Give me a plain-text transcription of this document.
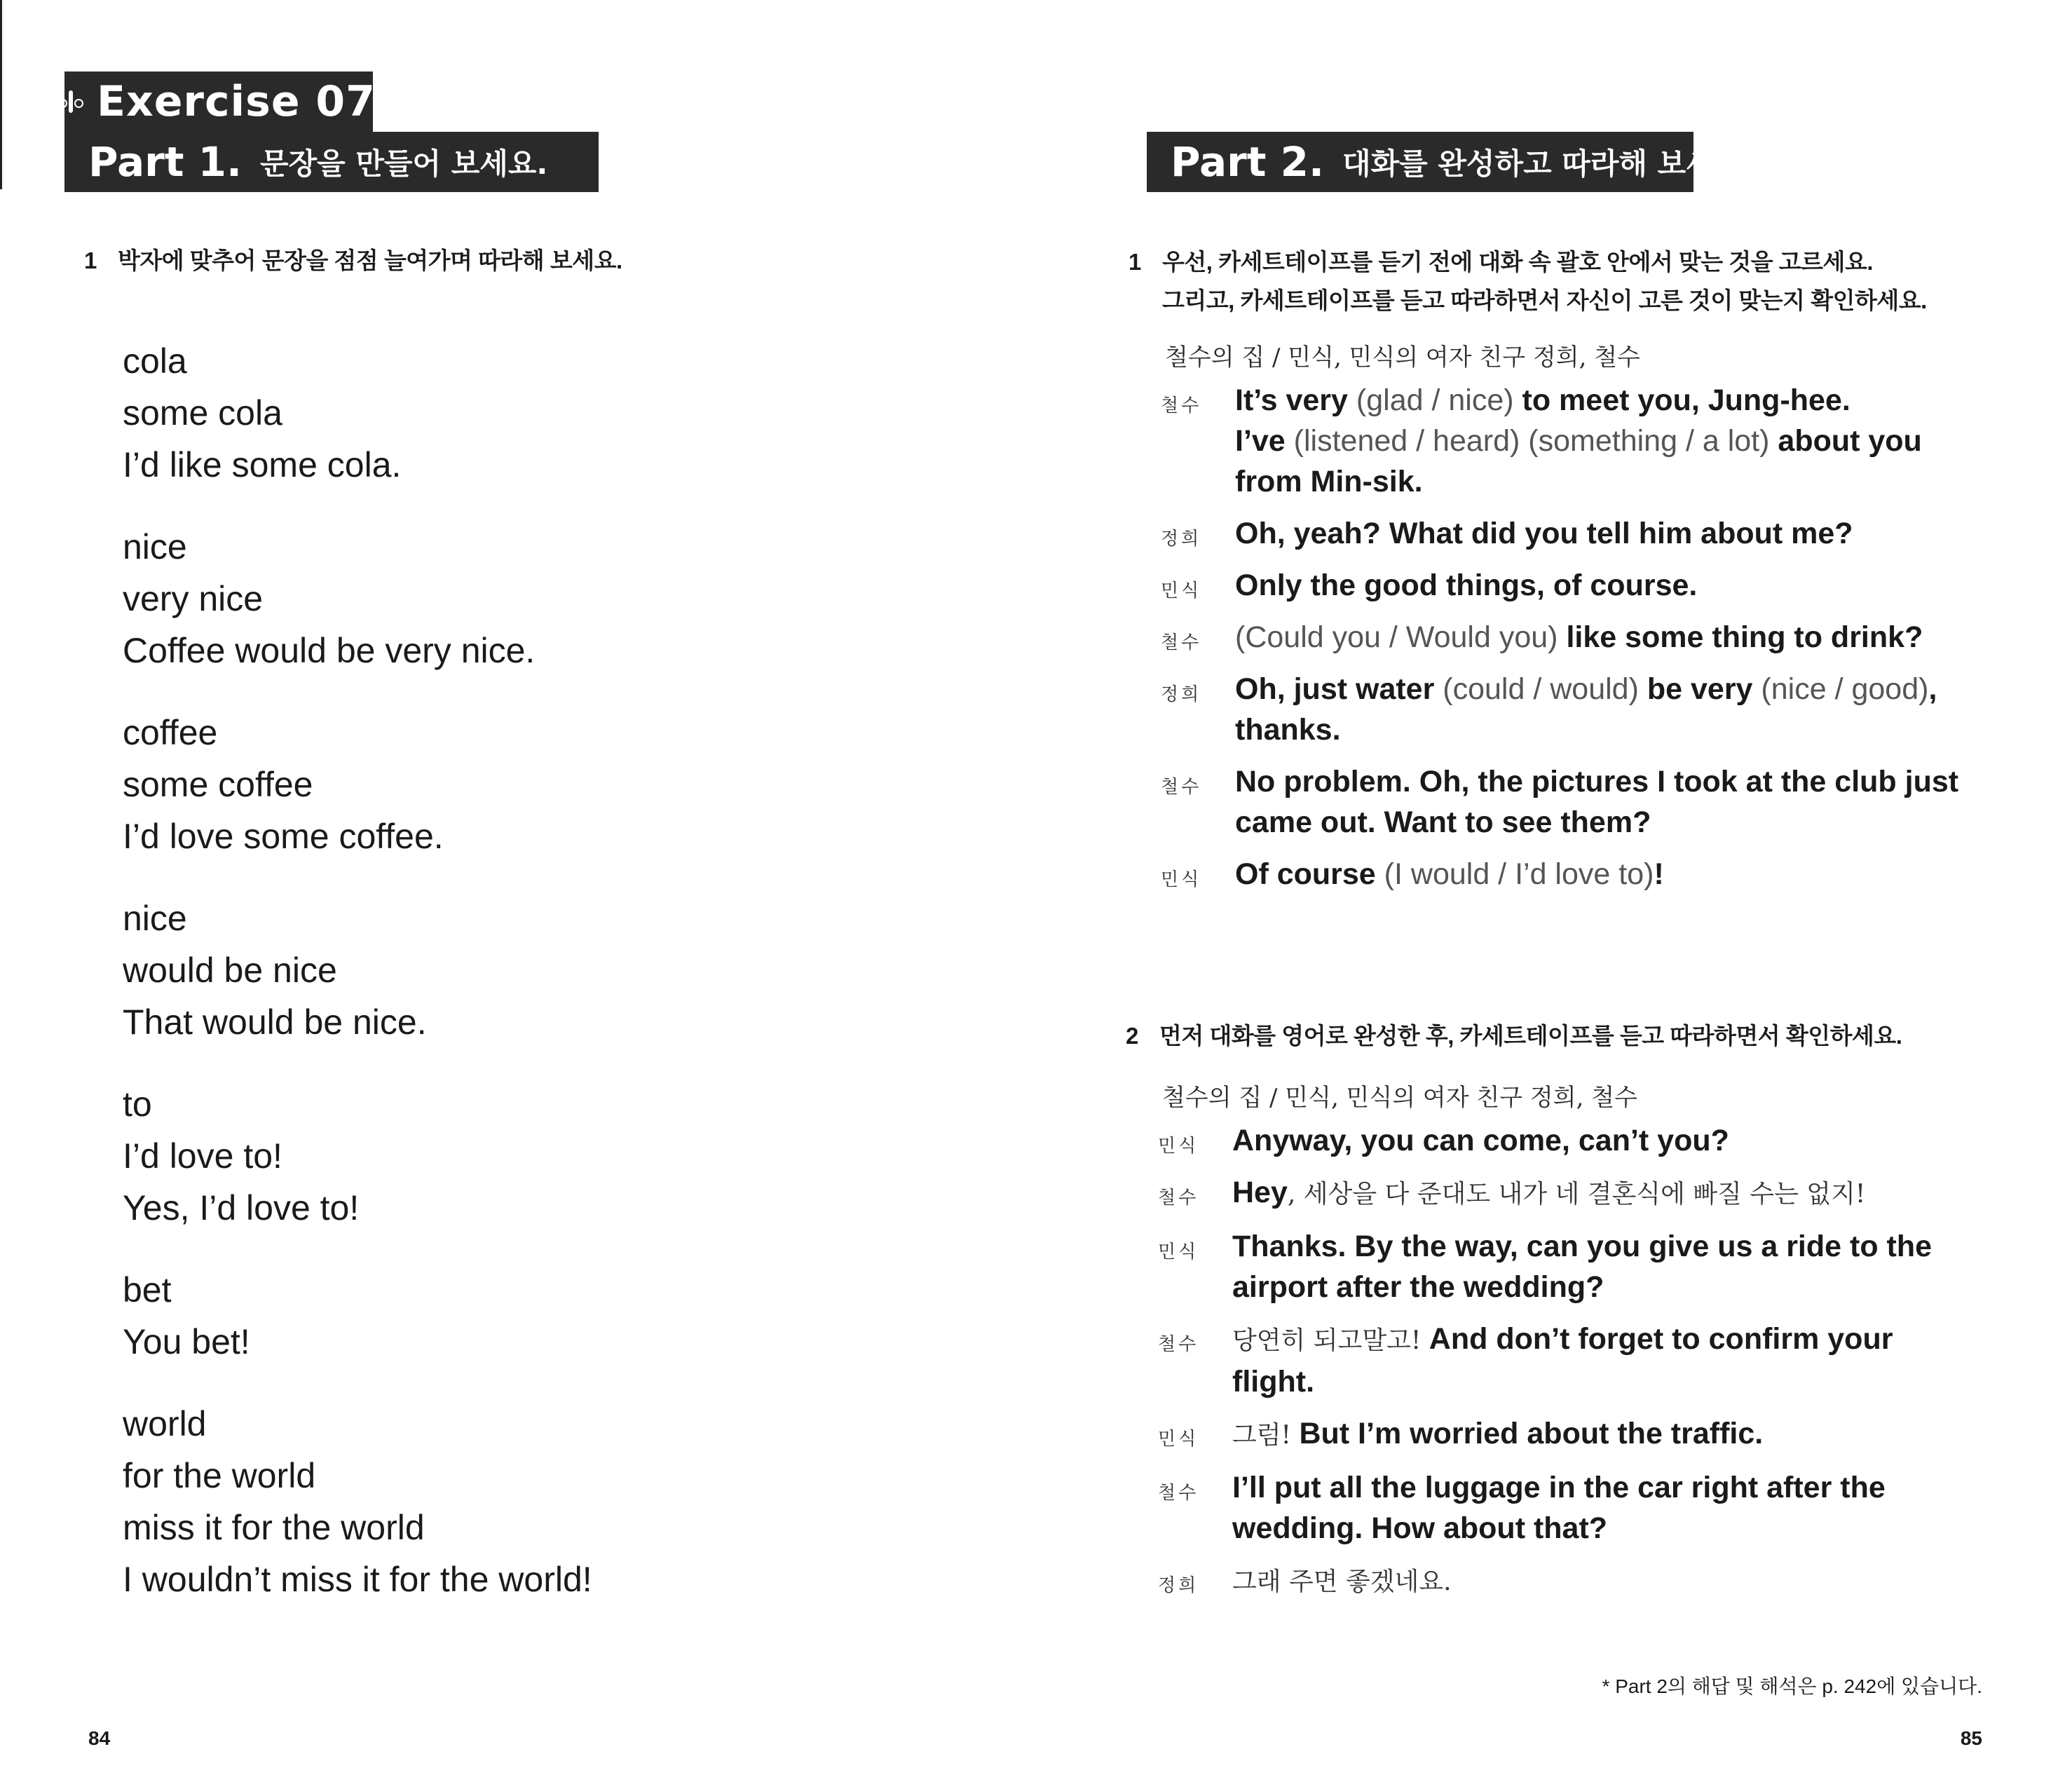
Exercise 07
Part 1. 문장을 만들어 보세요.
1 박자에 맞추어 문장을 점점 늘여가며 따라해 보세요.
cola
some cola
I’d like some cola.
nice
very nice
Coffee would be very nice.
coffee
some coffee
I’d love some coffee.
nice
would be nice
That would be nice.
to
I’d love to!
Yes, I’d love to!
bet
You bet!
world
for the world
miss it for the world
I wouldn’t miss it for the world!
84
Part 2. 대화를 완성하고 따라해 보세요.
1 우선, 카세트테이프를 듣기 전에 대화 속 괄호 안에서 맞는 것을 고르세요.
그리고, 카세트테이프를 듣고 따라하면서 자신이 고른 것이 맞는지 확인하세요.
철수의 집 / 민식, 민식의 여자 친구 정희, 철수
철수	It’s very (glad / nice) to meet you, Jung-hee.
I’ve (listened / heard) (something / a lot) about you from Min-sik.
정희	Oh, yeah? What did you tell him about me?
민식	Only the good things, of course.
철수	(Could you / Would you) like some thing to drink?
정희	Oh, just water (could / would) be very (nice / good), thanks.
철수	No problem. Oh, the pictures I took at the club just came out. Want to see them?
민식	Of course (I would / I’d love to)!
2 먼저 대화를 영어로 완성한 후, 카세트테이프를 듣고 따라하면서 확인하세요.
철수의 집 / 민식, 민식의 여자 친구 정희, 철수
민식	Anyway, you can come, can’t you?
철수	Hey, 세상을 다 준대도 내가 네 결혼식에 빠질 수는 없지!
민식	Thanks. By the way, can you give us a ride to the airport after the wedding?
철수	당연히 되고말고! And don’t forget to confirm your flight.
민식	그럼! But I’m worried about the traffic.
철수	I’ll put all the luggage in the car right after the wedding. How about that?
정희	그래 주면 좋겠네요.
* Part 2의 해답 및 해석은 p. 242에 있습니다.
85
